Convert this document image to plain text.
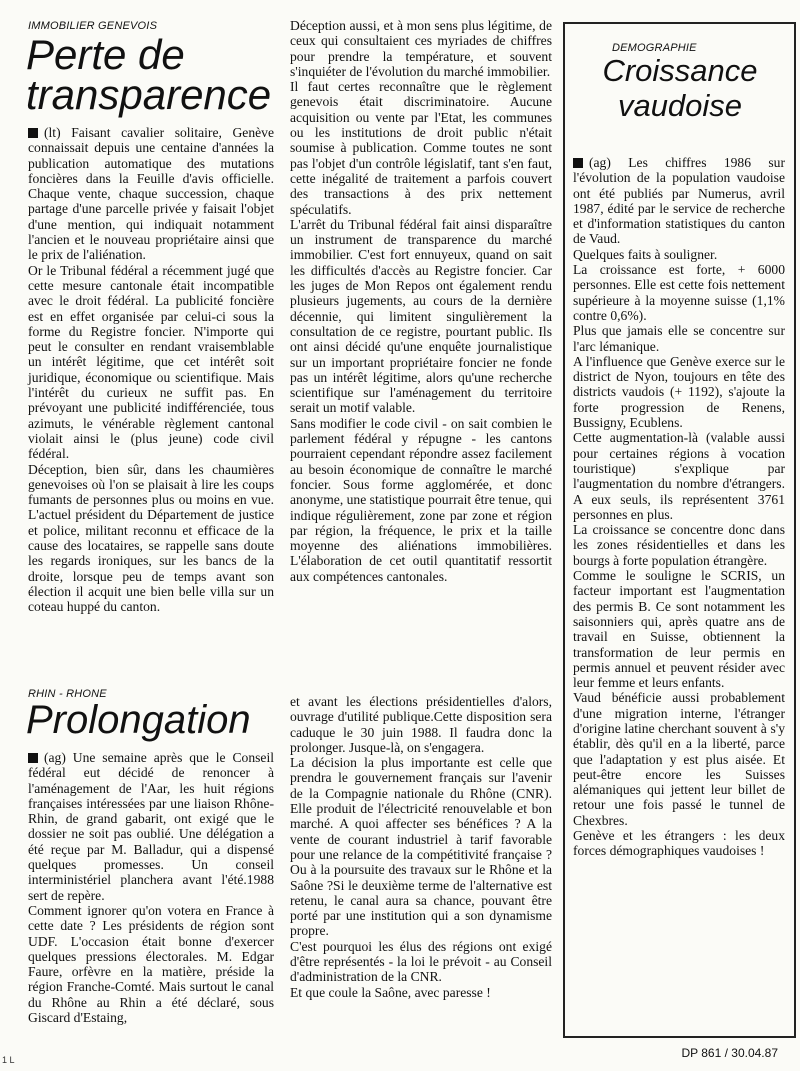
IMMOBILIER GENEVOIS
Perte de
transparence

(lt) Faisant cavalier solitaire, Genève connaissait depuis une centaine d'années la publication automatique des mutations foncières dans la Feuille d'avis officielle. Chaque vente, chaque succession, chaque partage d'une parcelle privée y faisait l'objet d'une mention, qui indiquait notamment l'ancien et le nouveau propriétaire ainsi que le prix de l'aliénation.

Or le Tribunal fédéral a récemment jugé que cette mesure cantonale était incompatible avec le droit fédéral. La publicité foncière est en effet organisée par celui-ci sous la forme du Registre foncier. N'importe qui peut le consulter en rendant vraisemblable un intérêt légitime, que cet intérêt soit juridique, économique ou scientifique. Mais l'intérêt du curieux ne suffit pas. En prévoyant une publicité indifférenciée, tous azimuts, le vénérable règlement cantonal violait ainsi le (plus jeune) code civil fédéral.

Déception, bien sûr, dans les chaumières genevoises où l'on se plaisait à lire les coups fumants de personnes plus ou moins en vue. L'actuel président du Département de justice et police, militant reconnu et efficace de la cause des locataires, se rappelle sans doute les regards ironiques, sur les bancs de la droite, lorsque peu de temps avant son élection il acquit une bien belle villa sur un coteau huppé du canton.

Déception aussi, et à mon sens plus légitime, de ceux qui consultaient ces myriades de chiffres pour prendre la température, et souvent s'inquiéter de l'évolution du marché immobilier.

Il faut certes reconnaître que le règlement genevois était discriminatoire. Aucune acquisition ou vente par l'Etat, les communes ou les institutions de droit public n'était soumise à publication. Comme toutes ne sont pas l'objet d'un contrôle législatif, tant s'en faut, cette inégalité de traitement a parfois couvert des transactions à des prix nettement spéculatifs.

L'arrêt du Tribunal fédéral fait ainsi disparaître un instrument de transparence du marché immobilier. C'est fort ennuyeux, quand on sait les difficultés d'accès au Registre foncier. Car les juges de Mon Repos ont également rendu plusieurs jugements, au cours de la dernière décennie, qui limitent singulièrement la consultation de ce registre, pourtant public. Ils ont ainsi décidé qu'une enquête journalistique sur un important propriétaire foncier ne fonde pas un intérêt légitime, alors qu'une recherche scientifique sur l'aménagement du territoire serait un motif valable.

Sans modifier le code civil - on sait combien le parlement fédéral y répugne - les cantons pourraient cependant répondre assez facilement au besoin économique de connaître le marché foncier. Sous forme agglomérée, et donc anonyme, une statistique pourrait être tenue, qui indique régulièrement, zone par zone et région par région, la fréquence, le prix et la taille moyenne des aliénations immobilières. L'élaboration de cet outil quantitatif ressortit aux compétences cantonales.

RHIN - RHONE
Prolongation

(ag) Une semaine après que le Conseil fédéral eut décidé de renoncer à l'aménagement de l'Aar, les huit régions françaises intéressées par une liaison Rhône-Rhin, de grand gabarit, ont exigé que le dossier ne soit pas oublié. Une délégation a été reçue par M. Balladur, qui a dispensé quelques promesses. Un conseil interministériel plancherа avant l'été.1988 sert de repère.

Comment ignorer qu'on votera en France à cette date ? Les présidents de région sont UDF. L'occasion était bonne d'exercer quelques pressions électorales. M. Edgar Faure, orfèvre en la matière, préside la région Franche-Comté. Mais surtout le canal du Rhône au Rhin a été déclaré, sous Giscard d'Estaing,

et avant les élections présidentielles d'alors, ouvrage d'utilité publique.Cette disposition sera caduque le 30 juin 1988. Il faudra donc la prolonger. Jusque-là, on s'engagera.

La décision la plus importante est celle que prendra le gouvernement français sur l'avenir de la Compagnie nationale du Rhône (CNR). Elle produit de l'électricité renouvelable et bon marché. A quoi affecter ses bénéfices ? A la vente de courant industriel à tarif favorable pour une relance de la compétitivité française ? Ou à la poursuite des travaux sur le Rhône et la Saône ?Si le deuxième terme de l'alternative est retenu, le canal aura sa chance, pouvant être porté par une institution qui a son dynamisme propre.

C'est pourquoi les élus des régions ont exigé d'être représentés - la loi le prévoit - au Conseil d'administration de la CNR.

Et que coule la Saône, avec paresse !

DEMOGRAPHIE
Croissance
vaudoise

(ag) Les chiffres 1986 sur l'évolution de la population vaudoise ont été publiés par Numerus, avril 1987, édité par le service de recherche et d'information statistiques du canton de Vaud.

Quelques faits à souligner.

La croissance est forte, + 6000 personnes. Elle est cette fois nettement supérieure à la moyenne suisse (1,1% contre 0,6%).

Plus que jamais elle se concentre sur l'arc lémanique.

A l'influence que Genève exerce sur le district de Nyon, toujours en tête des districts vaudois (+ 1192), s'ajoute la forte progression de Renens, Bussigny, Ecublens.

Cette augmentation-là (valable aussi pour certaines régions à vocation touristique) s'explique par l'augmentation du nombre d'étrangers. A eux seuls, ils représentent 3761 personnes en plus.

La croissance se concentre donc dans les zones résidentielles et dans les bourgs à forte population étrangère.

Comme le souligne le SCRIS, un facteur important est l'augmentation des permis B. Ce sont notamment les saisonniers qui, après quatre ans de travail en Suisse, obtiennent la transformation de leur permis en permis annuel et peuvent résider avec leur femme et leurs enfants.

Vaud bénéficie aussi probablement d'une migration interne, l'étranger d'origine latine cherchant souvent à s'y établir, dès qu'il en a la liberté, parce que l'adaptation y est plus aisée. Et peut-être encore les Suisses alémaniques qui jettent leur billet de retour une fois passé le tunnel de Chexbres.

Genève et les étrangers : les deux forces démographiques vaudoises !

DP 861 / 30.04.87
1 L
